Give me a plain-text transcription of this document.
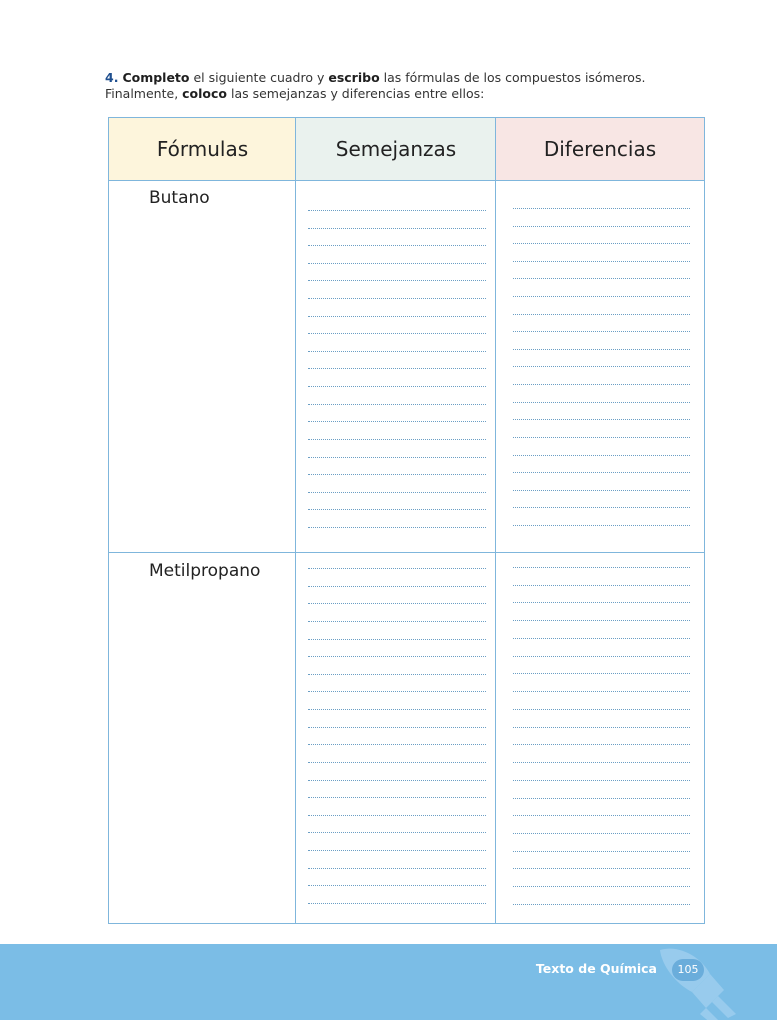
4. Completo el siguiente cuadro y escribo las fórmulas de los compuestos isómeros. Finalmente, coloco las semejanzas y diferencias entre ellos:

Fórmulas	Semejanzas	Diferencias
Butano
Metilpropano
Texto de Química	105
